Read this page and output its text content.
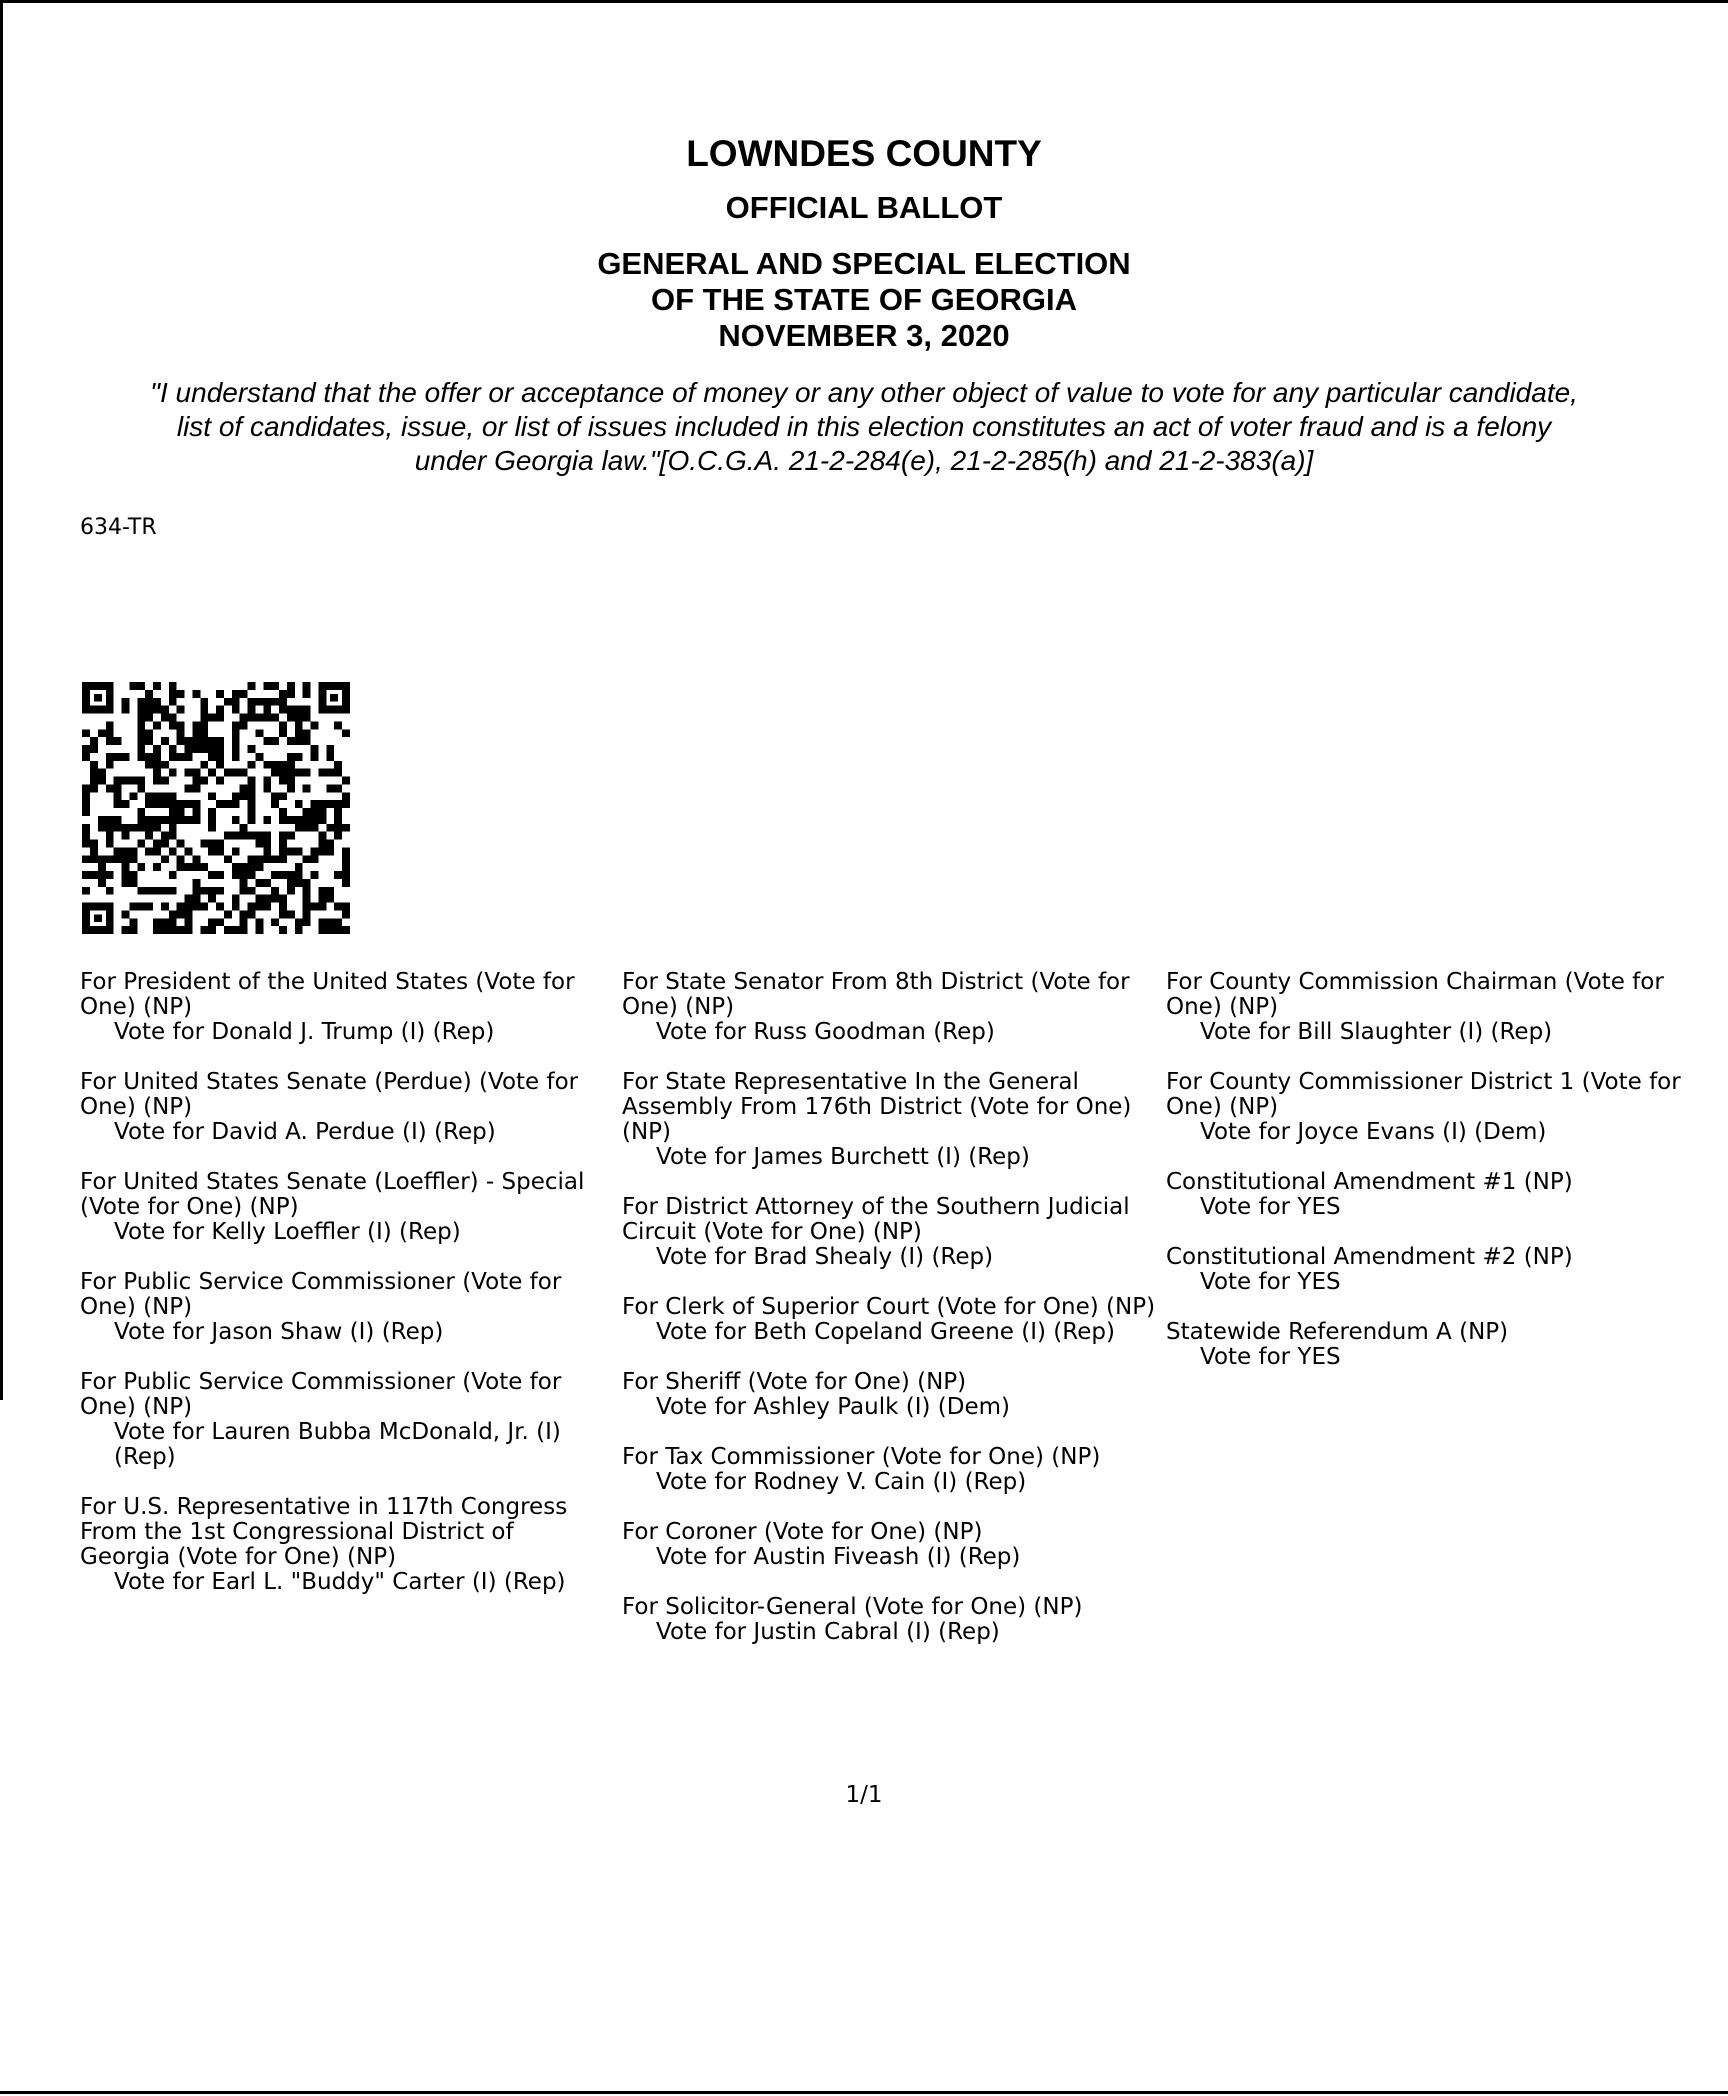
LOWNDES COUNTY
OFFICIAL BALLOT
GENERAL AND SPECIAL ELECTION
OF THE STATE OF GEORGIA
NOVEMBER 3, 2020
"I understand that the offer or acceptance of money or any other object of value to vote for any particular candidate,
list of candidates, issue, or list of issues included in this election constitutes an act of voter fraud and is a felony
under Georgia law."[O.C.G.A. 21-2-284(e), 21-2-285(h) and 21-2-383(a)]
634-TR
For President of the United States (Vote for One) (NP)
Vote for Donald J. Trump (I) (Rep)
For United States Senate (Perdue) (Vote for One) (NP)
Vote for David A. Perdue (I) (Rep)
For United States Senate (Loeffler) - Special (Vote for One) (NP)
Vote for Kelly Loeffler (I) (Rep)
For Public Service Commissioner (Vote for One) (NP)
Vote for Jason Shaw (I) (Rep)
For Public Service Commissioner (Vote for One) (NP)
Vote for Lauren Bubba McDonald, Jr. (I) (Rep)
For U.S. Representative in 117th Congress From the 1st Congressional District of Georgia (Vote for One) (NP)
Vote for Earl L. "Buddy" Carter (I) (Rep)
For State Senator From 8th District (Vote for One) (NP)
Vote for Russ Goodman (Rep)
For State Representative In the General Assembly From 176th District (Vote for One) (NP)
Vote for James Burchett (I) (Rep)
For District Attorney of the Southern Judicial Circuit (Vote for One) (NP)
Vote for Brad Shealy (I) (Rep)
For Clerk of Superior Court (Vote for One) (NP)
Vote for Beth Copeland Greene (I) (Rep)
For Sheriff (Vote for One) (NP)
Vote for Ashley Paulk (I) (Dem)
For Tax Commissioner (Vote for One) (NP)
Vote for Rodney V. Cain (I) (Rep)
For Coroner (Vote for One) (NP)
Vote for Austin Fiveash (I) (Rep)
For Solicitor-General (Vote for One) (NP)
Vote for Justin Cabral (I) (Rep)
For County Commission Chairman (Vote for One) (NP)
Vote for Bill Slaughter (I) (Rep)
For County Commissioner District 1 (Vote for One) (NP)
Vote for Joyce Evans (I) (Dem)
Constitutional Amendment #1 (NP)
Vote for YES
Constitutional Amendment #2 (NP)
Vote for YES
Statewide Referendum A (NP)
Vote for YES
1/1
